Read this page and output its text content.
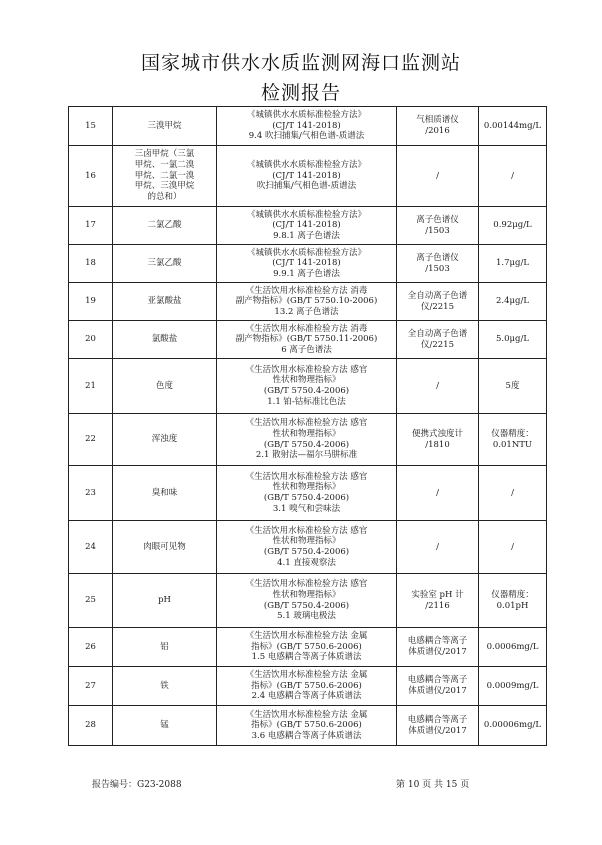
国家城市供水水质监测网海口监测站
检测报告
15	三溴甲烷	《城镇供水水质标准检验方法》
(CJ/T 141-2018)
9.4 吹扫捕集/气相色谱-质谱法	气相质谱仪
/2016	0.00144mg/L
16	三卤甲烷（三氯
甲烷、一氯二溴
甲烷、二氯一溴
甲烷、三溴甲烷
的总和）	《城镇供水水质标准检验方法》
(CJ/T 141-2018)
吹扫捕集/气相色谱-质谱法	/	/
17	二氯乙酸	《城镇供水水质标准检验方法》
(CJ/T 141-2018)
9.8.1 离子色谱法	离子色谱仪
/1503	0.92μg/L
18	三氯乙酸	《城镇供水水质标准检验方法》
(CJ/T 141-2018)
9.9.1 离子色谱法	离子色谱仪
/1503	1.7μg/L
19	亚氯酸盐	《生活饮用水标准检验方法 消毒
副产物指标》(GB/T 5750.10-2006)
13.2 离子色谱法	全自动离子色谱
仪/2215	2.4μg/L
20	氯酸盐	《生活饮用水标准检验方法 消毒
副产物指标》(GB/T 5750.11-2006)
6 离子色谱法	全自动离子色谱
仪/2215	5.0μg/L
21	色度	《生活饮用水标准检验方法 感官
性状和物理指标》
(GB/T 5750.4-2006)
1.1 铂-钴标准比色法	/	5度
22	浑浊度	《生活饮用水标准检验方法 感官
性状和物理指标》
(GB/T 5750.4-2006)
2.1 散射法—福尔马肼标准	便携式浊度计
/1810	仪器精度：
0.01NTU
23	臭和味	《生活饮用水标准检验方法 感官
性状和物理指标》
(GB/T 5750.4-2006)
3.1 嗅气和尝味法	/	/
24	肉眼可见物	《生活饮用水标准检验方法 感官
性状和物理指标》
(GB/T 5750.4-2006)
4.1 直接观察法	/	/
25	pH	《生活饮用水标准检验方法 感官
性状和物理指标》
(GB/T 5750.4-2006)
5.1 玻璃电极法	实验室 pH 计
/2116	仪器精度：
0.01pH
26	铝	《生活饮用水标准检验方法 金属
指标》(GB/T 5750.6-2006)
1.5 电感耦合等离子体质谱法	电感耦合等离子
体质谱仪/2017	0.0006mg/L
27	铁	《生活饮用水标准检验方法 金属
指标》(GB/T 5750.6-2006)
2.4 电感耦合等离子体质谱法	电感耦合等离子
体质谱仪/2017	0.0009mg/L
28	锰	《生活饮用水标准检验方法 金属
指标》(GB/T 5750.6-2006)
3.6 电感耦合等离子体质谱法	电感耦合等离子
体质谱仪/2017	0.00006mg/L
报告编号：G23-2088	第 10 页 共 15 页
